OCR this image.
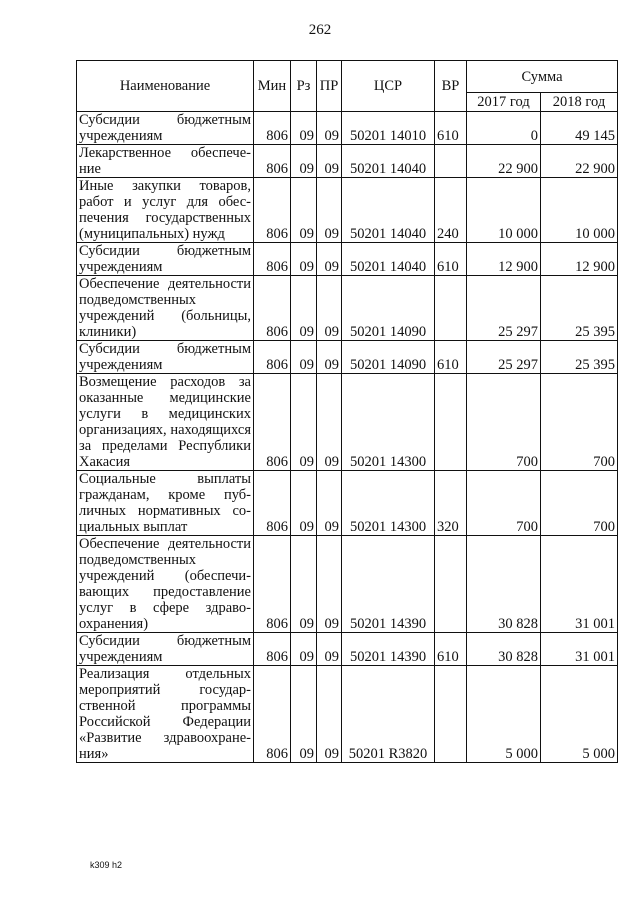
262
Наименование	Мин	Рз	ПР	ЦСР	ВР	Сумма	
						2017 год	2018 год
Субсидии бюджетным учреждениям	806	09	09	50201 14010	610	0	49 145
Лекарственное обеспечение	806	09	09	50201 14040		22 900	22 900
Иные закупки товаров, работ и услуг для обеспечения государственных (муниципальных) нужд	806	09	09	50201 14040	240	10 000	10 000
Субсидии бюджетным учреждениям	806	09	09	50201 14040	610	12 900	12 900
Обеспечение деятельности подведомственных учреждений (больницы, клиники)	806	09	09	50201 14090		25 297	25 395
Субсидии бюджетным учреждениям	806	09	09	50201 14090	610	25 297	25 395
Возмещение расходов за оказанные медицинские услуги в медицинских организациях, находящихся за пределами Республики Хакасия	806	09	09	50201 14300		700	700
Социальные выплаты гражданам, кроме публичных нормативных социальных выплат	806	09	09	50201 14300	320	700	700
Обеспечение деятельности подведомственных учреждений (обеспечивающих предоставление услуг в сфере здравоохранения)	806	09	09	50201 14390		30 828	31 001
Субсидии бюджетным учреждениям	806	09	09	50201 14390	610	30 828	31 001
Реализация отдельных мероприятий государственной программы Российской Федерации «Развитие здравоохранения»	806	09	09	50201 R3820		5 000	5 000
k309 h2
